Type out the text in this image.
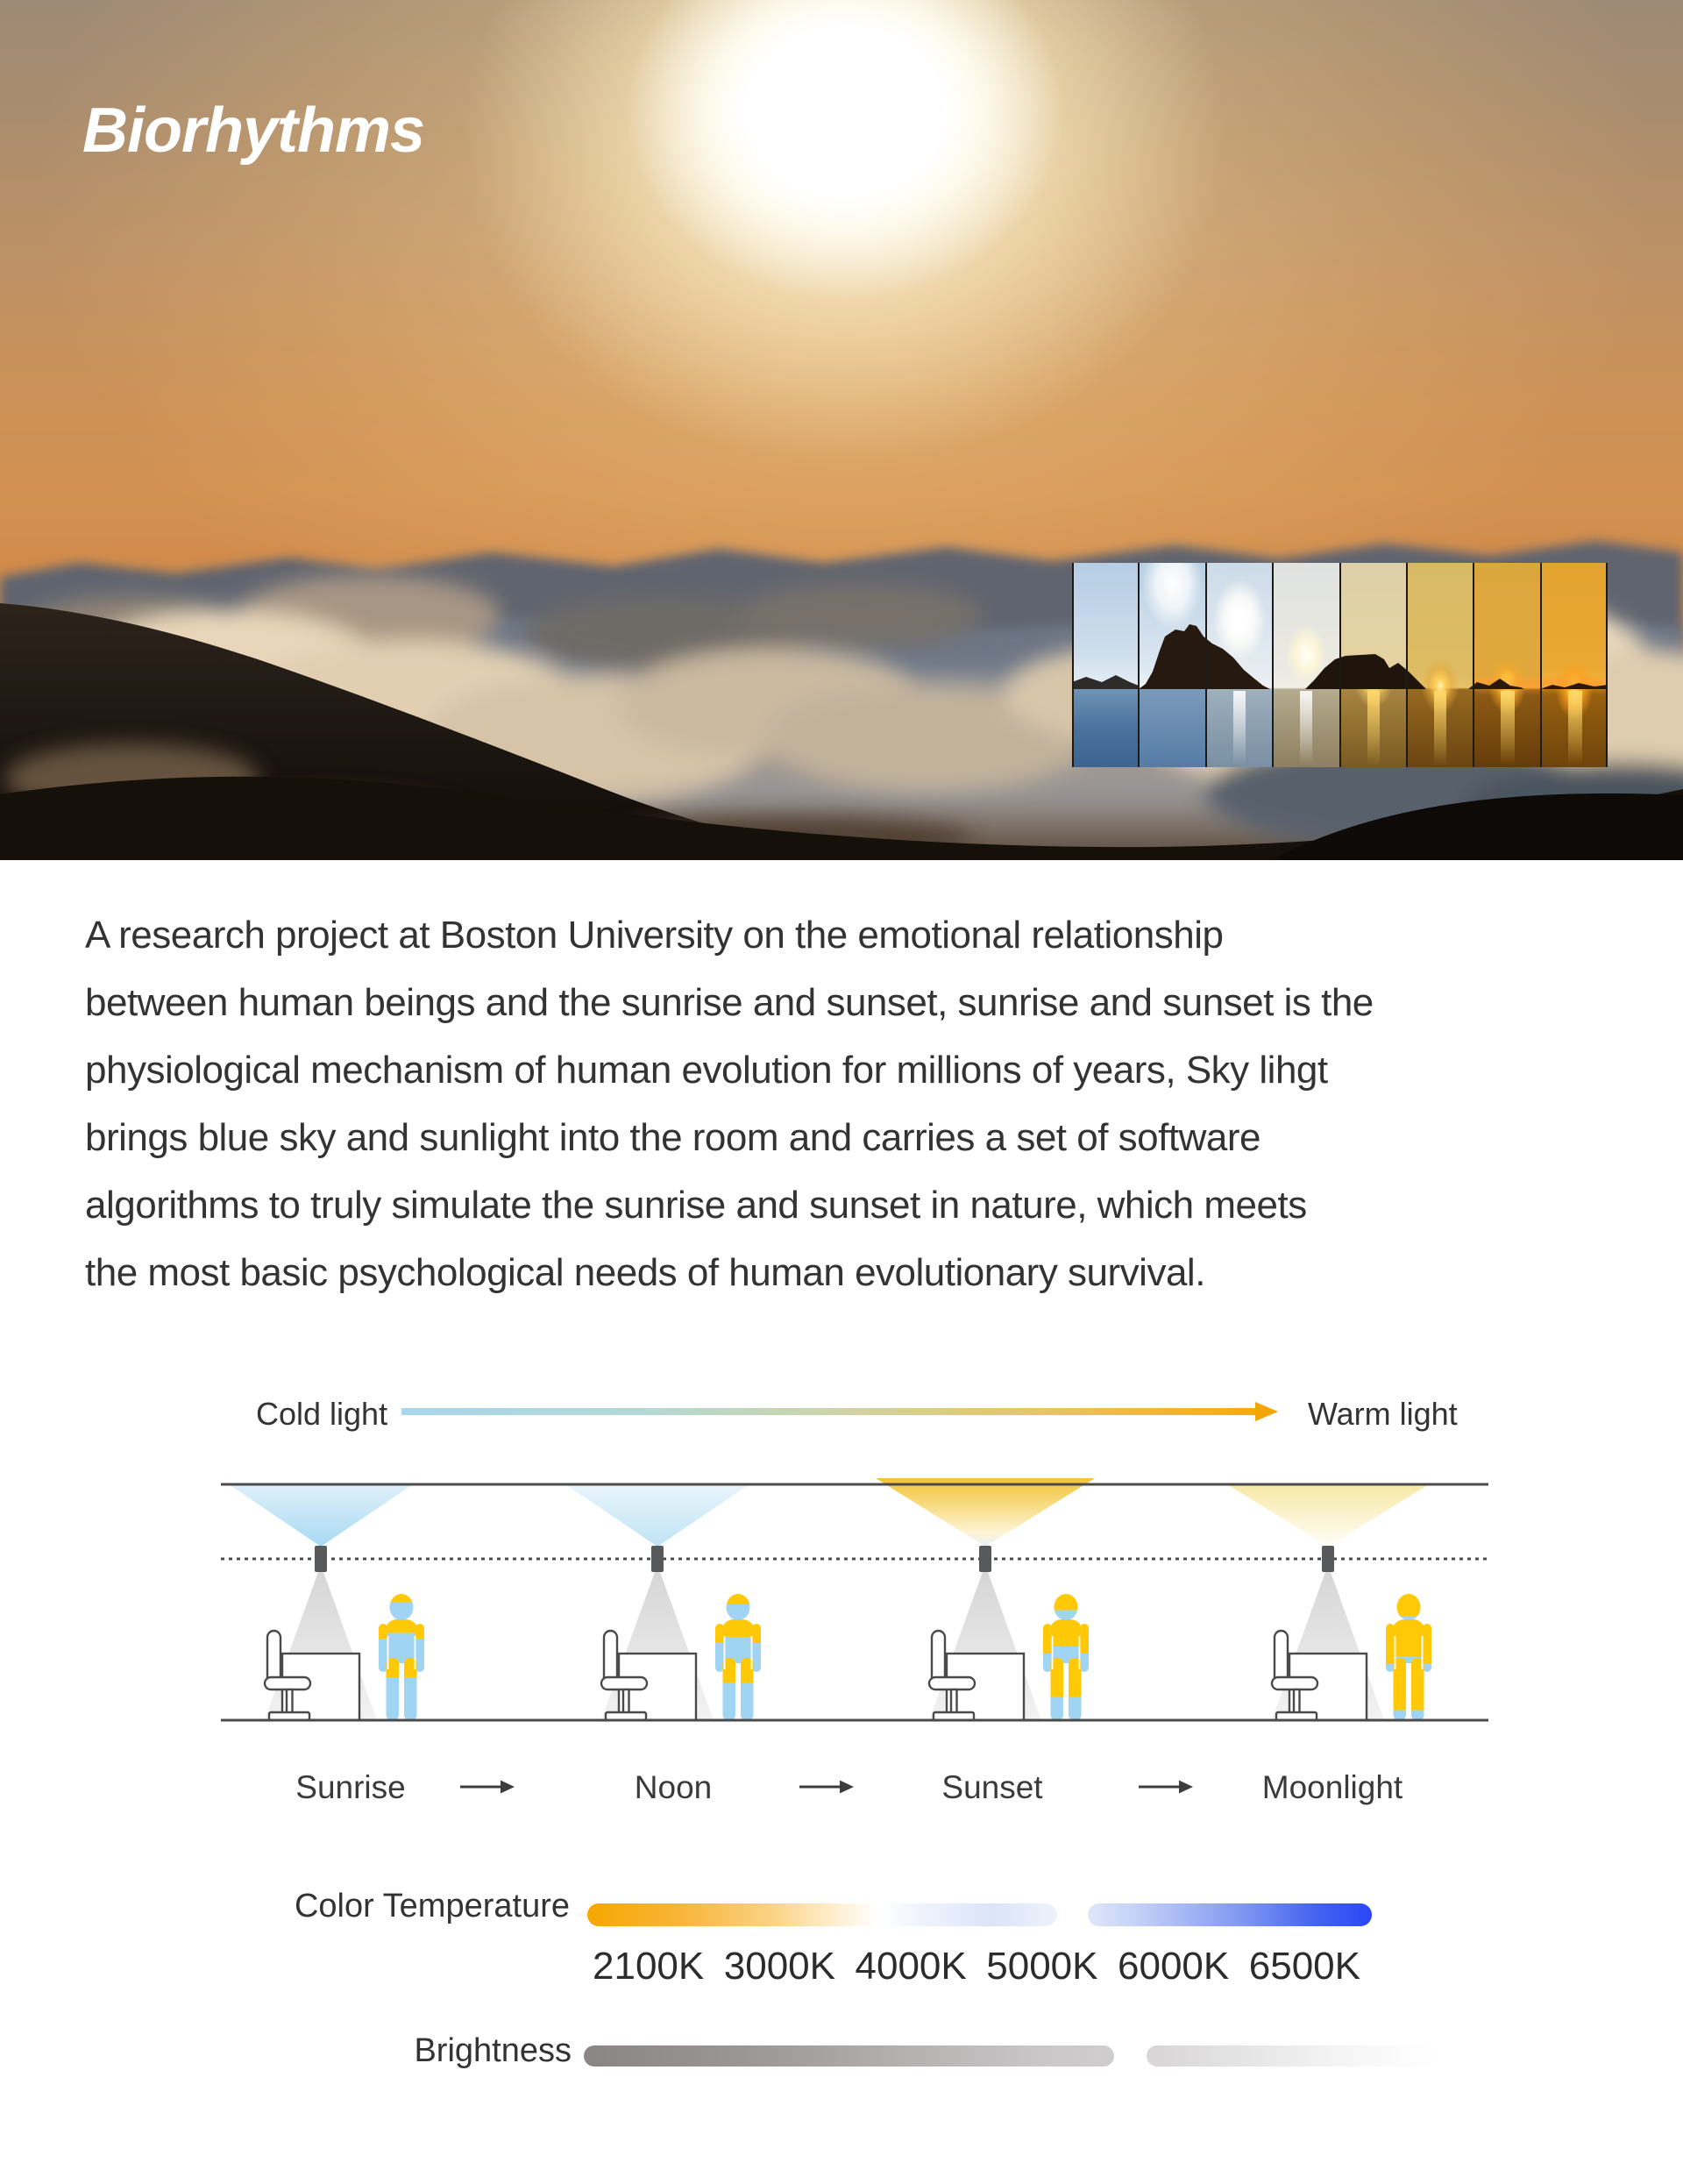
Biorhythms
A research project at Boston University on the emotional relationship
between human beings and the sunrise and sunset, sunrise and sunset is the
physiological mechanism of human evolution for millions of years, Sky lihgt
brings blue sky and sunlight into the room and carries a set of software
algorithms to truly simulate the sunrise and sunset in nature, which meets
the most basic psychological needs of human evolutionary survival.
Cold light	Warm light
Sunrise	Noon	Sunset	Moonlight
Color Temperature
2100K 3000K 4000K 5000K 6000K 6500K
Brightness
